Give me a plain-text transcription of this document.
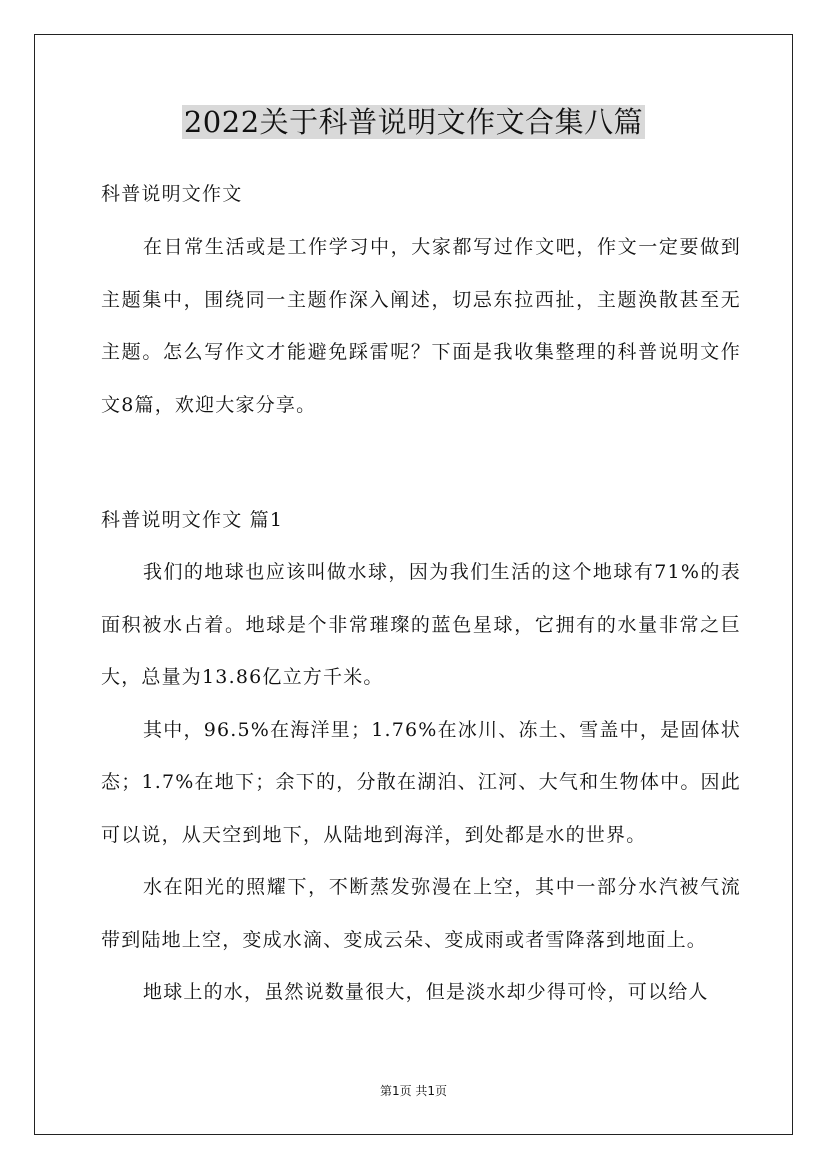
2022关于科普说明文作文合集八篇

科普说明文作文

在日常生活或是工作学习中，大家都写过作文吧，作文一定要做到主题集中，围绕同一主题作深入阐述，切忌东拉西扯，主题涣散甚至无主题。怎么写作文才能避免踩雷呢？下面是我收集整理的科普说明文作文8篇，欢迎大家分享。

科普说明文作文 篇1

我们的地球也应该叫做水球，因为我们生活的这个地球有71%的表面积被水占着。地球是个非常璀璨的蓝色星球，它拥有的水量非常之巨大，总量为13.86亿立方千米。

其中，96.5%在海洋里；1.76%在冰川、冻土、雪盖中，是固体状态；1.7%在地下；余下的，分散在湖泊、江河、大气和生物体中。因此可以说，从天空到地下，从陆地到海洋，到处都是水的世界。

水在阳光的照耀下，不断蒸发弥漫在上空，其中一部分水汽被气流带到陆地上空，变成水滴、变成云朵、变成雨或者雪降落到地面上。

地球上的水，虽然说数量很大，但是淡水却少得可怜，可以给人

第1页 共1页
